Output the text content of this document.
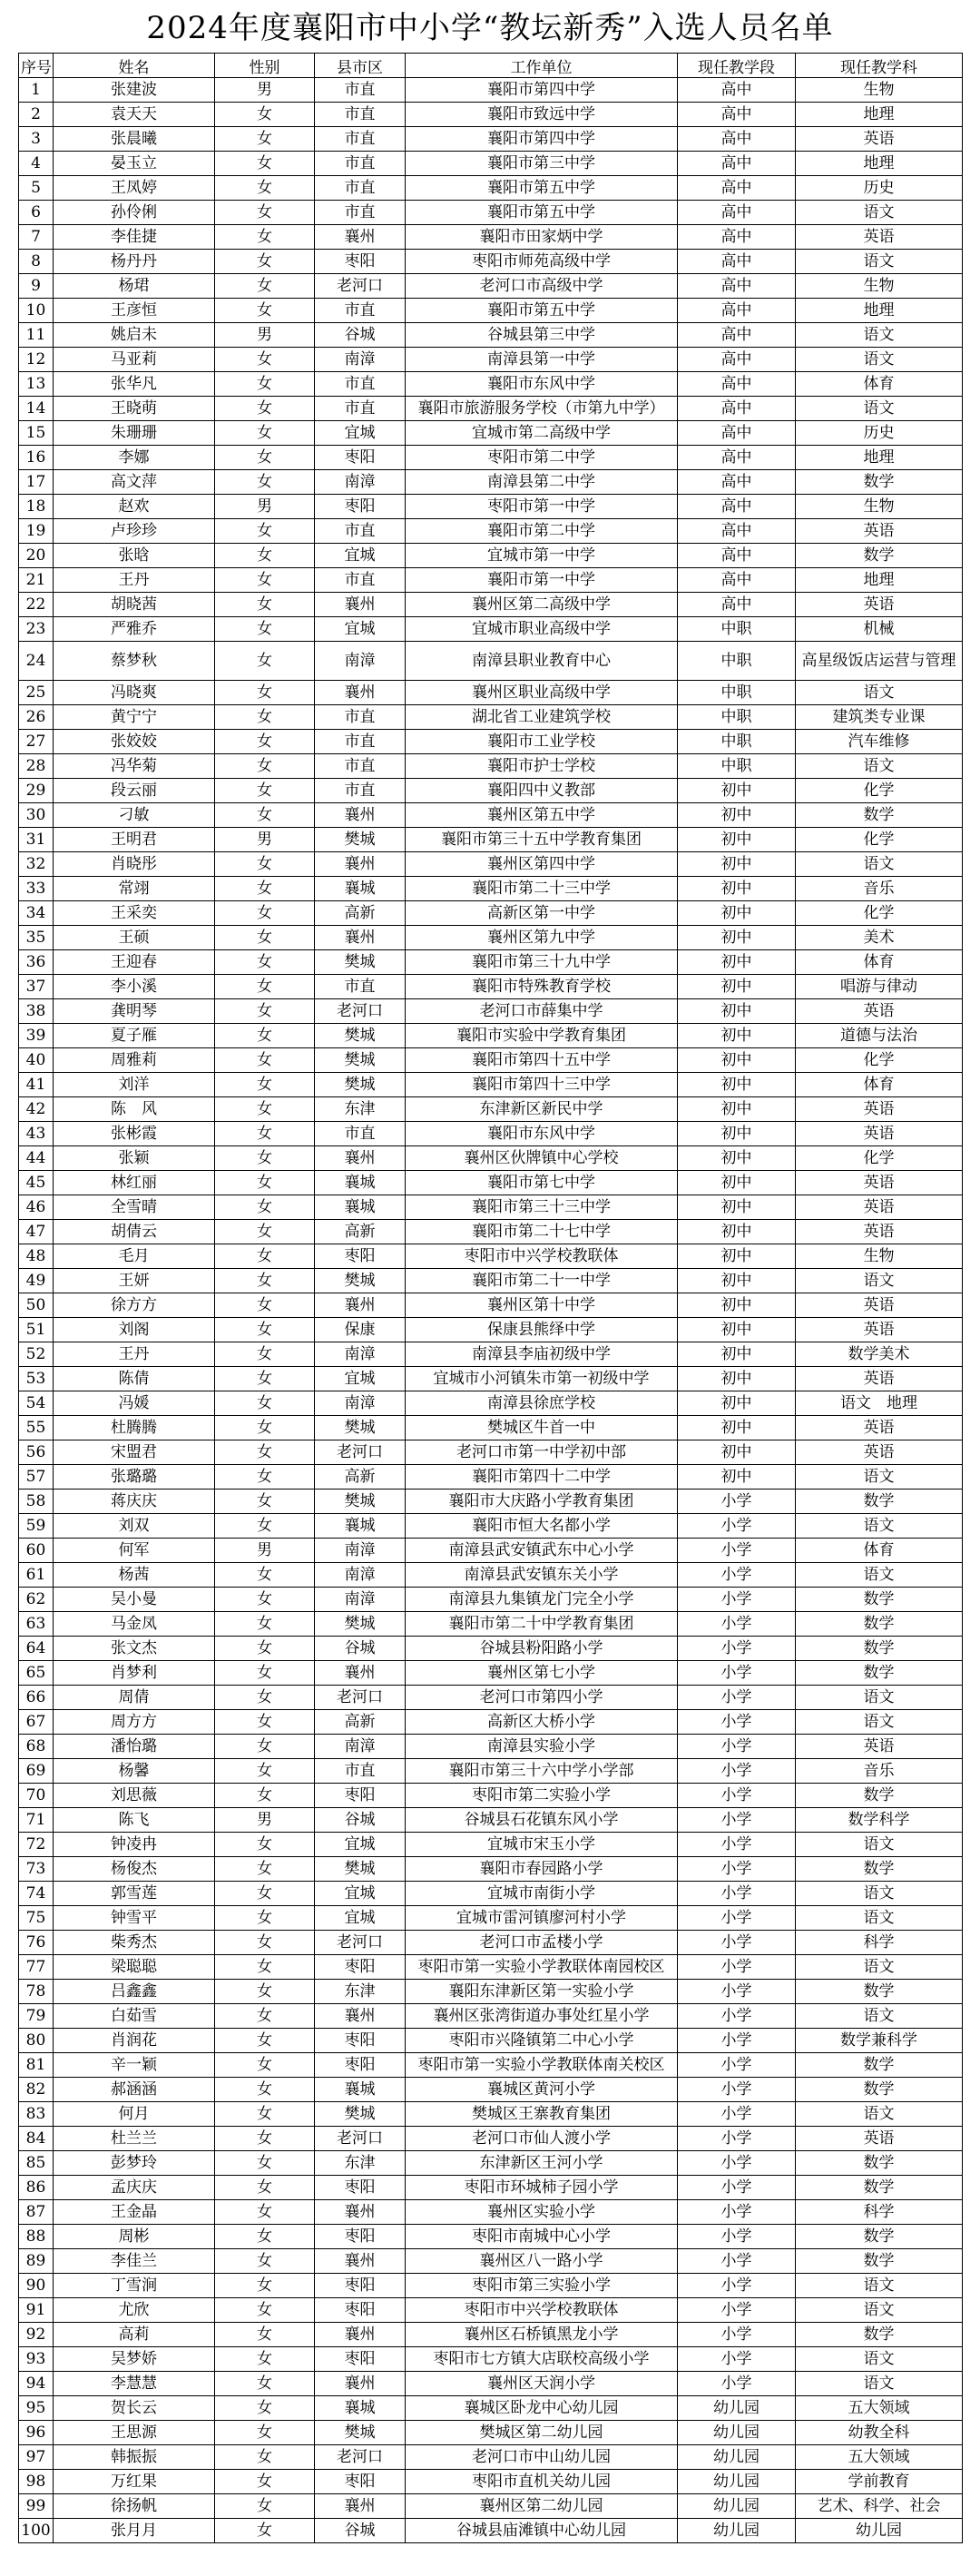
2024年度襄阳市中小学“教坛新秀”入选人员名单
序号	姓名	性别	县市区	工作单位	现任教学段	现任教学科
1	张建波	男	市直	襄阳市第四中学	高中	生物
2	袁天天	女	市直	襄阳市致远中学	高中	地理
3	张晨曦	女	市直	襄阳市第四中学	高中	英语
4	晏玉立	女	市直	襄阳市第三中学	高中	地理
5	王凤婷	女	市直	襄阳市第五中学	高中	历史
6	孙伶俐	女	市直	襄阳市第五中学	高中	语文
7	李佳捷	女	襄州	襄阳市田家炳中学	高中	英语
8	杨丹丹	女	枣阳	枣阳市师苑高级中学	高中	语文
9	杨珺	女	老河口	老河口市高级中学	高中	生物
10	王彦恒	女	市直	襄阳市第五中学	高中	地理
11	姚启未	男	谷城	谷城县第三中学	高中	语文
12	马亚莉	女	南漳	南漳县第一中学	高中	语文
13	张华凡	女	市直	襄阳市东风中学	高中	体育
14	王晓萌	女	市直	襄阳市旅游服务学校（市第九中学）	高中	语文
15	朱珊珊	女	宜城	宜城市第二高级中学	高中	历史
16	李娜	女	枣阳	枣阳市第二中学	高中	地理
17	高文萍	女	南漳	南漳县第二中学	高中	数学
18	赵欢	男	枣阳	枣阳市第一中学	高中	生物
19	卢珍珍	女	市直	襄阳市第二中学	高中	英语
20	张晗	女	宜城	宜城市第一中学	高中	数学
21	王丹	女	市直	襄阳市第一中学	高中	地理
22	胡晓茜	女	襄州	襄州区第二高级中学	高中	英语
23	严雅乔	女	宜城	宜城市职业高级中学	中职	机械
24	蔡梦秋	女	南漳	南漳县职业教育中心	中职	高星级饭店运营与管理
25	冯晓爽	女	襄州	襄州区职业高级中学	中职	语文
26	黄宁宁	女	市直	湖北省工业建筑学校	中职	建筑类专业课
27	张姣姣	女	市直	襄阳市工业学校	中职	汽车维修
28	冯华菊	女	市直	襄阳市护士学校	中职	语文
29	段云丽	女	市直	襄阳四中义教部	初中	化学
30	刁敏	女	襄州	襄州区第五中学	初中	数学
31	王明君	男	樊城	襄阳市第三十五中学教育集团	初中	化学
32	肖晓彤	女	襄州	襄州区第四中学	初中	语文
33	常翊	女	襄城	襄阳市第二十三中学	初中	音乐
34	王采奕	女	高新	高新区第一中学	初中	化学
35	王硕	女	襄州	襄州区第九中学	初中	美术
36	王迎春	女	樊城	襄阳市第三十九中学	初中	体育
37	李小溪	女	市直	襄阳市特殊教育学校	初中	唱游与律动
38	龚明琴	女	老河口	老河口市薛集中学	初中	英语
39	夏子雁	女	樊城	襄阳市实验中学教育集团	初中	道德与法治
40	周雅莉	女	樊城	襄阳市第四十五中学	初中	化学
41	刘洋	女	樊城	襄阳市第四十三中学	初中	体育
42	陈　风	女	东津	东津新区新民中学	初中	英语
43	张彬霞	女	市直	襄阳市东风中学	初中	英语
44	张颖	女	襄州	襄州区伙牌镇中心学校	初中	化学
45	林红丽	女	襄城	襄阳市第七中学	初中	英语
46	全雪晴	女	襄城	襄阳市第三十三中学	初中	英语
47	胡倩云	女	高新	襄阳市第二十七中学	初中	英语
48	毛月	女	枣阳	枣阳市中兴学校教联体	初中	生物
49	王妍	女	樊城	襄阳市第二十一中学	初中	语文
50	徐方方	女	襄州	襄州区第十中学	初中	英语
51	刘阁	女	保康	保康县熊绎中学	初中	英语
52	王丹	女	南漳	南漳县李庙初级中学	初中	数学美术
53	陈倩	女	宜城	宜城市小河镇朱市第一初级中学	初中	英语
54	冯媛	女	南漳	南漳县徐庶学校	初中	语文　地理
55	杜腾腾	女	樊城	樊城区牛首一中	初中	英语
56	宋盟君	女	老河口	老河口市第一中学初中部	初中	英语
57	张璐璐	女	高新	襄阳市第四十二中学	初中	语文
58	蒋庆庆	女	樊城	襄阳市大庆路小学教育集团	小学	数学
59	刘双	女	襄城	襄阳市恒大名都小学	小学	语文
60	何军	男	南漳	南漳县武安镇武东中心小学	小学	体育
61	杨茜	女	南漳	南漳县武安镇东关小学	小学	语文
62	吴小曼	女	南漳	南漳县九集镇龙门完全小学	小学	数学
63	马金凤	女	樊城	襄阳市第二十中学教育集团	小学	数学
64	张文杰	女	谷城	谷城县粉阳路小学	小学	数学
65	肖梦利	女	襄州	襄州区第七小学	小学	数学
66	周倩	女	老河口	老河口市第四小学	小学	语文
67	周方方	女	高新	高新区大桥小学	小学	语文
68	潘怡璐	女	南漳	南漳县实验小学	小学	英语
69	杨馨	女	市直	襄阳市第三十六中学小学部	小学	音乐
70	刘思薇	女	枣阳	枣阳市第二实验小学	小学	数学
71	陈飞	男	谷城	谷城县石花镇东风小学	小学	数学科学
72	钟凌冉	女	宜城	宜城市宋玉小学	小学	语文
73	杨俊杰	女	樊城	襄阳市春园路小学	小学	数学
74	郭雪莲	女	宜城	宜城市南街小学	小学	语文
75	钟雪平	女	宜城	宜城市雷河镇廖河村小学	小学	语文
76	柴秀杰	女	老河口	老河口市孟楼小学	小学	科学
77	梁聪聪	女	枣阳	枣阳市第一实验小学教联体南园校区	小学	语文
78	吕鑫鑫	女	东津	襄阳东津新区第一实验小学	小学	数学
79	白茹雪	女	襄州	襄州区张湾街道办事处红星小学	小学	语文
80	肖润花	女	枣阳	枣阳市兴隆镇第二中心小学	小学	数学兼科学
81	辛一颖	女	枣阳	枣阳市第一实验小学教联体南关校区	小学	数学
82	郝涵涵	女	襄城	襄城区黄河小学	小学	数学
83	何月	女	樊城	樊城区王寨教育集团	小学	语文
84	杜兰兰	女	老河口	老河口市仙人渡小学	小学	英语
85	彭梦玲	女	东津	东津新区王河小学	小学	数学
86	孟庆庆	女	枣阳	枣阳市环城柿子园小学	小学	数学
87	王金晶	女	襄州	襄州区实验小学	小学	科学
88	周彬	女	枣阳	枣阳市南城中心小学	小学	数学
89	李佳兰	女	襄州	襄州区八一路小学	小学	数学
90	丁雪涧	女	枣阳	枣阳市第三实验小学	小学	语文
91	尤欣	女	枣阳	枣阳市中兴学校教联体	小学	语文
92	高莉	女	襄州	襄州区石桥镇黑龙小学	小学	数学
93	吴梦娇	女	枣阳	枣阳市七方镇大店联校高级小学	小学	语文
94	李慧慧	女	襄州	襄州区天润小学	小学	语文
95	贺长云	女	襄城	襄城区卧龙中心幼儿园	幼儿园	五大领域
96	王思源	女	樊城	樊城区第二幼儿园	幼儿园	幼教全科
97	韩振振	女	老河口	老河口市中山幼儿园	幼儿园	五大领域
98	万红果	女	枣阳	枣阳市直机关幼儿园	幼儿园	学前教育
99	徐扬帆	女	襄州	襄州区第二幼儿园	幼儿园	艺术、科学、社会
100	张月月	女	谷城	谷城县庙滩镇中心幼儿园	幼儿园	幼儿园
